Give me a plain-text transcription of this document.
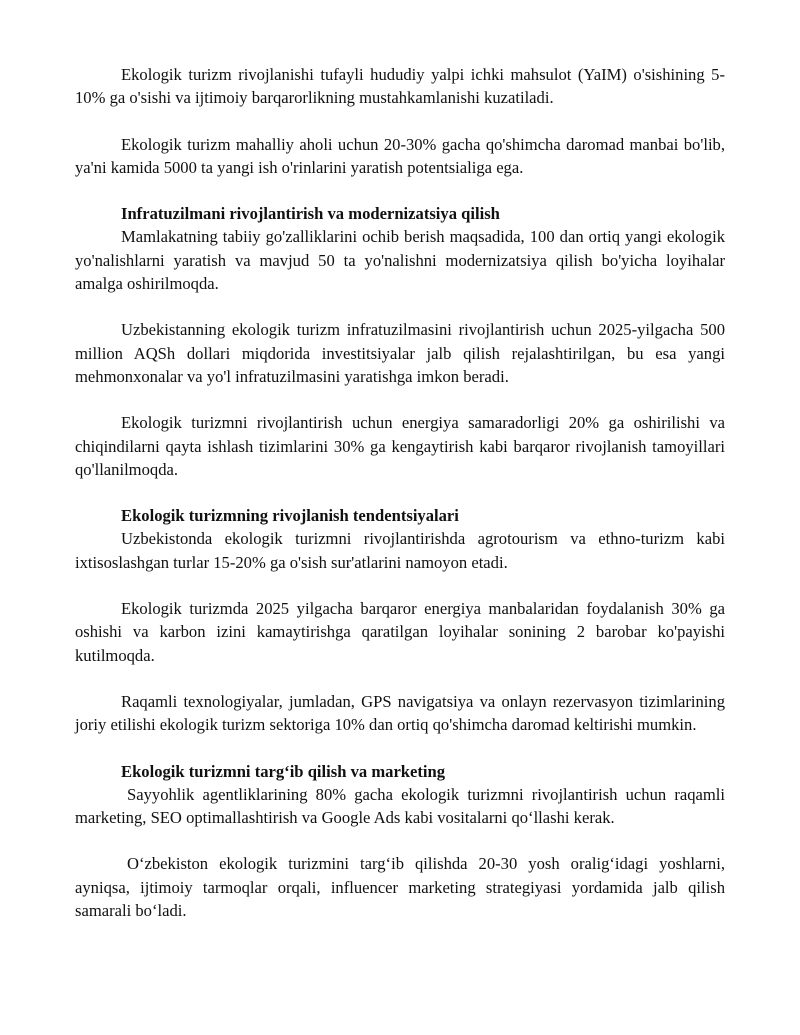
Ekologik turizm rivojlanishi tufayli hududiy yalpi ichki mahsulot (YaIM) o'sishining 5-10% ga o'sishi va ijtimoiy barqarorlikning mustahkamlanishi kuzatiladi.

Ekologik turizm mahalliy aholi uchun 20-30% gacha qo'shimcha daromad manbai bo'lib, ya'ni kamida 5000 ta yangi ish o'rinlarini yaratish potentsialiga ega.

Infratuzilmani rivojlantirish va modernizatsiya qilish

Mamlakatning tabiiy go'zalliklarini ochib berish maqsadida, 100 dan ortiq yangi ekologik yo'nalishlarni yaratish va mavjud 50 ta yo'nalishni modernizatsiya qilish bo'yicha loyihalar amalga oshirilmoqda.

Uzbekistanning ekologik turizm infratuzilmasini rivojlantirish uchun 2025-yilgacha 500 million AQSh dollari miqdorida investitsiyalar jalb qilish rejalashtirilgan, bu esa yangi mehmonxonalar va yo'l infratuzilmasini yaratishga imkon beradi.

Ekologik turizmni rivojlantirish uchun energiya samaradorligi 20% ga oshirilishi va chiqindilarni qayta ishlash tizimlarini 30% ga kengaytirish kabi barqaror rivojlanish tamoyillari qo'llanilmoqda.

Ekologik turizmning rivojlanish tendentsiyalari

Uzbekistonda ekologik turizmni rivojlantirishda agrotourism va ethno-turizm kabi ixtisoslashgan turlar 15-20% ga o'sish sur'atlarini namoyon etadi.

Ekologik turizmda 2025 yilgacha barqaror energiya manbalaridan foydalanish 30% ga oshishi va karbon izini kamaytirishga qaratilgan loyihalar sonining 2 barobar ko'payishi kutilmoqda.

Raqamli texnologiyalar, jumladan, GPS navigatsiya va onlayn rezervasyon tizimlarining joriy etilishi ekologik turizm sektoriga 10% dan ortiq qo'shimcha daromad keltirishi mumkin.

Ekologik turizmni targ‘ib qilish va marketing

Sayyohlik agentliklarining 80% gacha ekologik turizmni rivojlantirish uchun raqamli marketing, SEO optimallashtirish va Google Ads kabi vositalarni qo‘llashi kerak.

O‘zbekiston ekologik turizmini targ‘ib qilishda 20-30 yosh oralig‘idagi yoshlarni, ayniqsa, ijtimoiy tarmoqlar orqali, influencer marketing strategiyasi yordamida jalb qilish samarali bo‘ladi.
